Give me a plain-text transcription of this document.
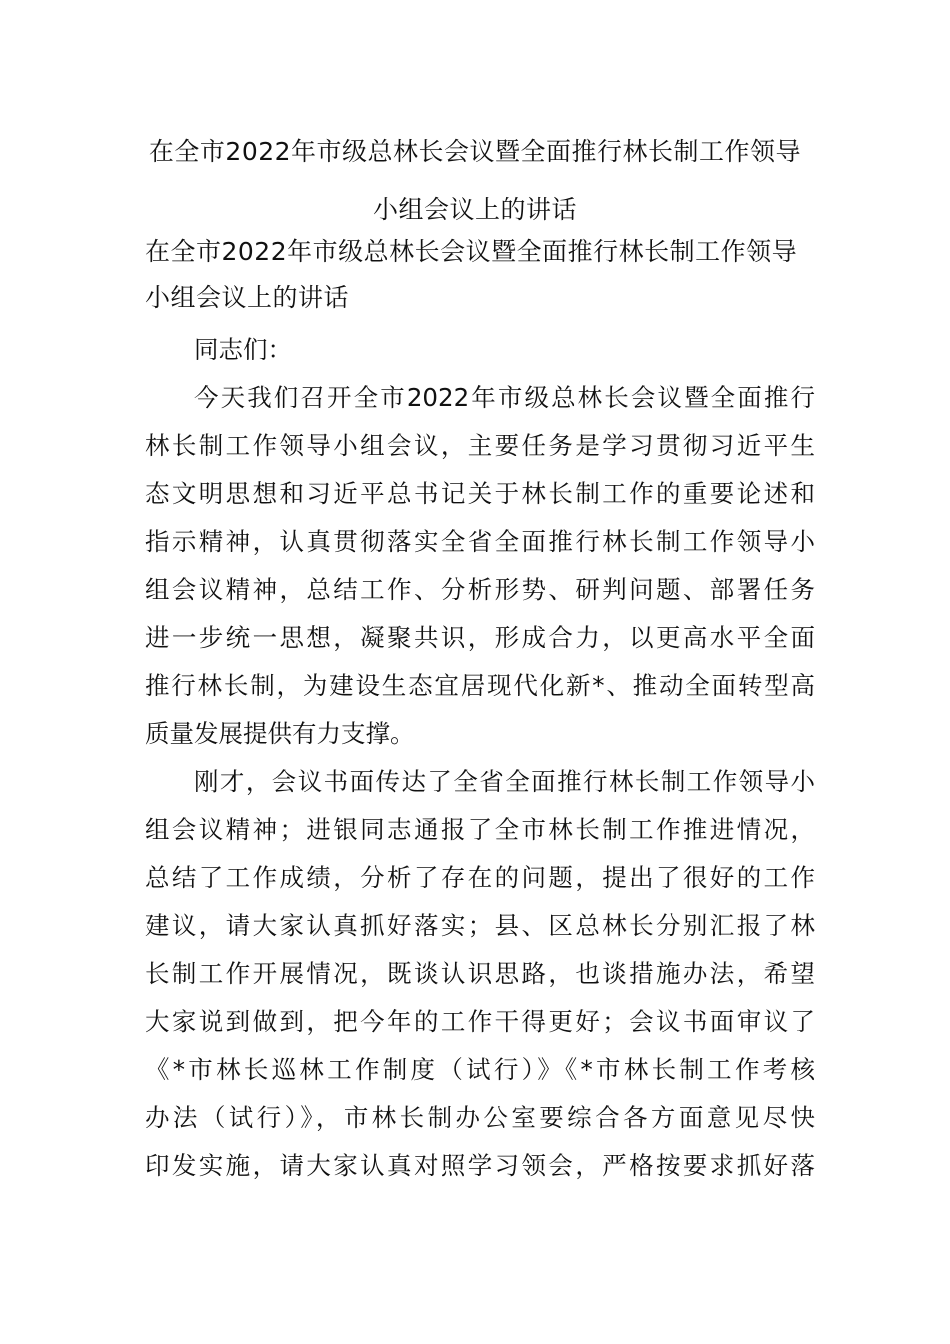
在全市2022年市级总林长会议暨全面推行林长制工作领导
小组会议上的讲话
在全市2022年市级总林长会议暨全面推行林长制工作领导
小组会议上的讲话
同志们：
今天我们召开全市2022年市级总林长会议暨全面推行
林长制工作领导小组会议，主要任务是学习贯彻习近平生
态文明思想和习近平总书记关于林长制工作的重要论述和
指示精神，认真贯彻落实全省全面推行林长制工作领导小
组会议精神，总结工作、分析形势、研判问题、部署任务
进一步统一思想，凝聚共识，形成合力，以更高水平全面
推行林长制，为建设生态宜居现代化新*、推动全面转型高
质量发展提供有力支撑。
刚才，会议书面传达了全省全面推行林长制工作领导小
组会议精神；进银同志通报了全市林长制工作推进情况，
总结了工作成绩，分析了存在的问题，提出了很好的工作
建议，请大家认真抓好落实；县、区总林长分别汇报了林
长制工作开展情况，既谈认识思路，也谈措施办法，希望
大家说到做到，把今年的工作干得更好；会议书面审议了
《*市林长巡林工作制度（试行）》《*市林长制工作考核
办法（试行）》，市林长制办公室要综合各方面意见尽快
印发实施，请大家认真对照学习领会，严格按要求抓好落
